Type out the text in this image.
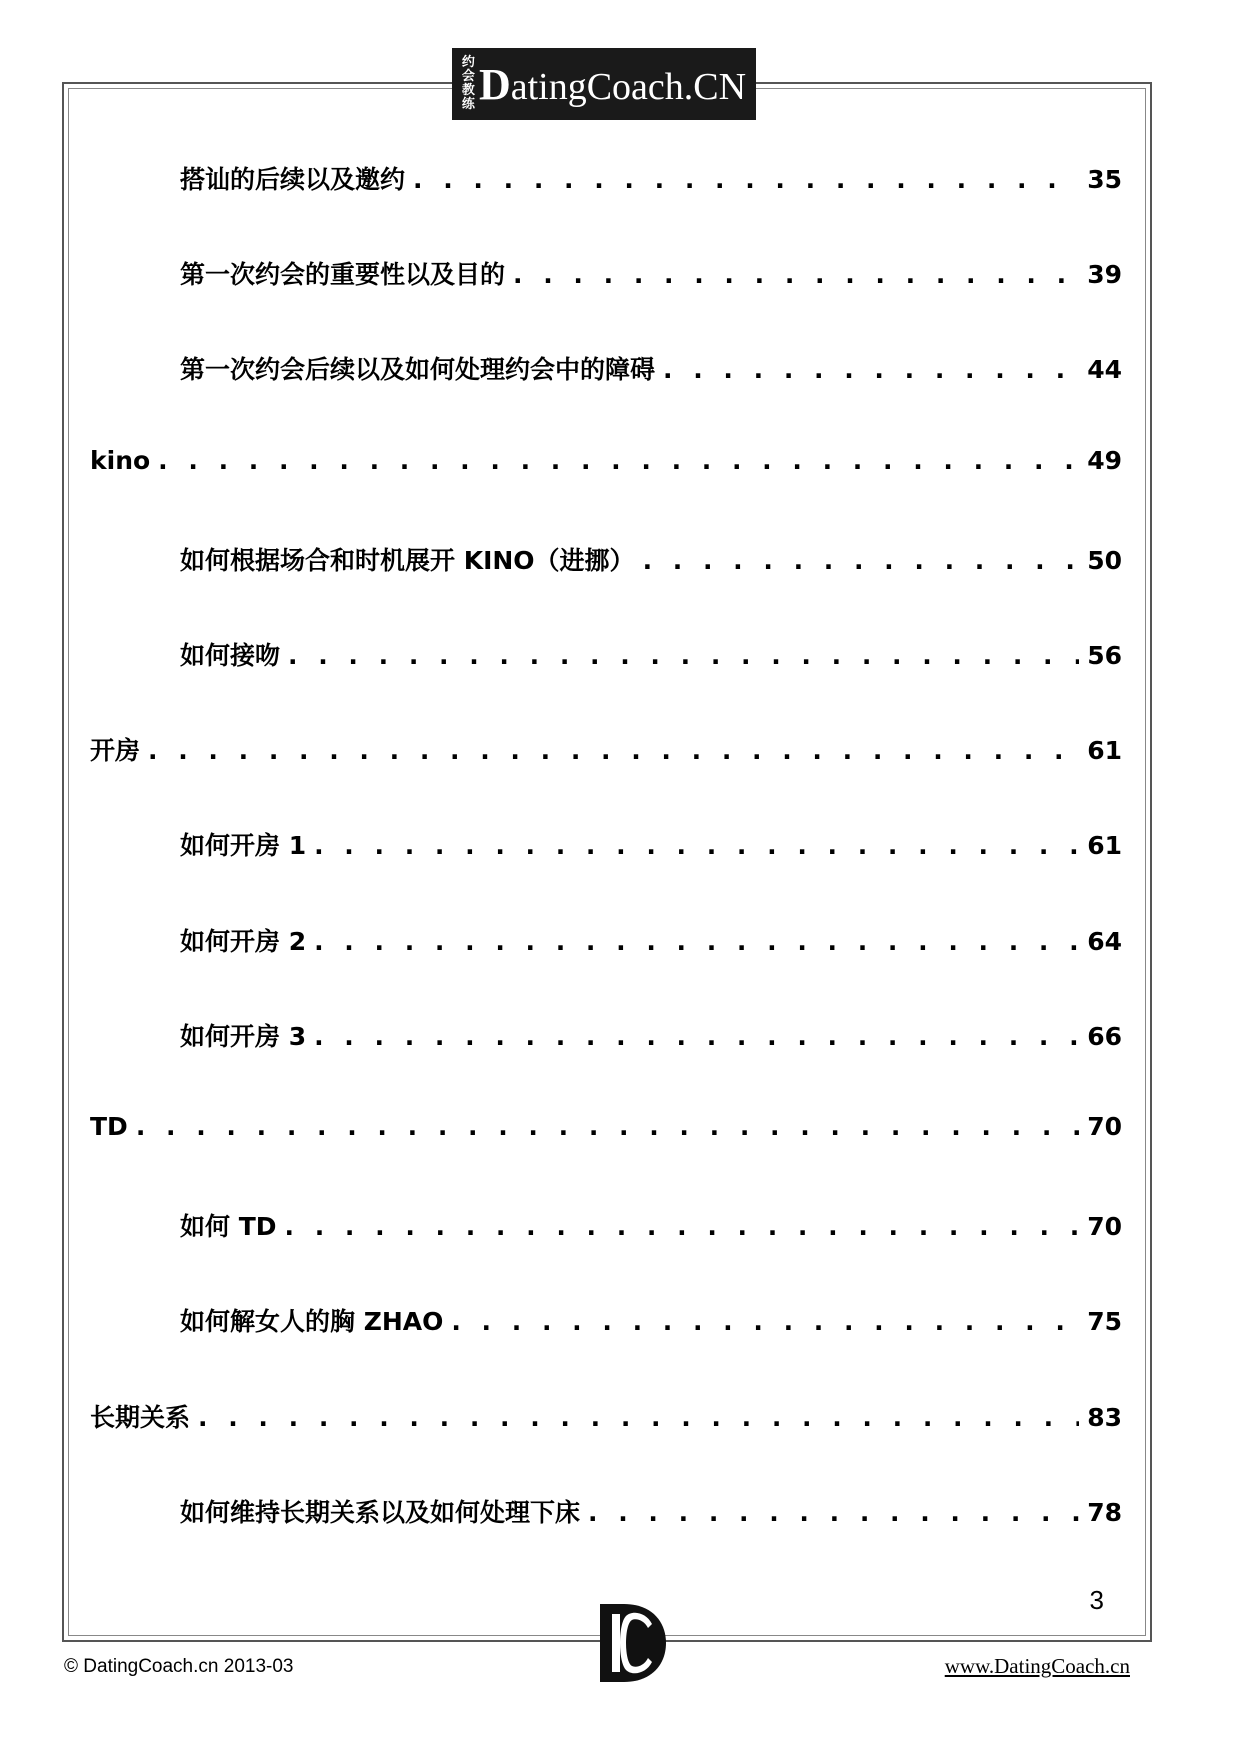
约会
教练 DatingCoach.CN
搭讪的后续以及邀约 . . .	35
第一次约会的重要性以及目的 . . .	39
第一次约会后续以及如何处理约会中的障碍 . . .	44
kino . . .	49
如何根据场合和时机展开 KINO（进挪） . . .	50
如何接吻 . . .	56
开房 . . .	61
如何开房 1 . . .	61
如何开房 2 . . .	64
如何开房 3 . . .	66
TD . . .	70
如何 TD . . .	70
如何解女人的胸 ZHAO . . .	75
长期关系 . . .	83
如何维持长期关系以及如何处理下床 . . .	78
3
© DatingCoach.cn 2013-03	www.DatingCoach.cn
